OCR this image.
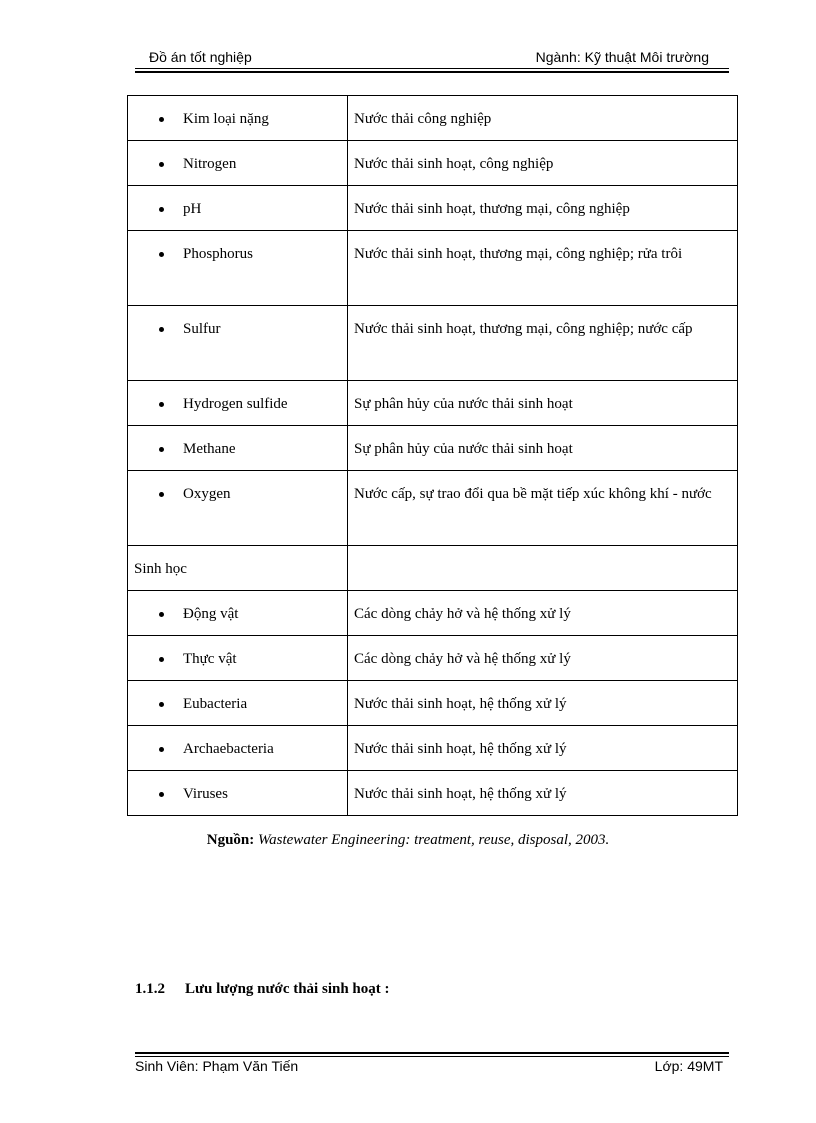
Đồ án tốt nghiệp	Ngành: Kỹ thuật Môi trường
Kim loại nặng	Nước thải công nghiệp

Nitrogen	Nước thải sinh hoạt, công nghiệp

pH	Nước thải sinh hoạt, thương mại, công nghiệp

Phosphorus	Nước thải sinh hoạt, thương mại, công nghiệp; rửa trôi

Sulfur	Nước thải sinh hoạt, thương mại, công nghiệp; nước cấp

Hydrogen sulfide	Sự phân hủy của nước thải sinh hoạt

Methane	Sự phân hủy của nước thải sinh hoạt

Oxygen	Nước cấp, sự trao đổi qua bề mặt tiếp xúc không khí - nước

Sinh học	

Động vật	Các dòng chảy hở và hệ thống xử lý

Thực vật	Các dòng chảy hở và hệ thống xử lý

Eubacteria	Nước thải sinh hoạt, hệ thống xử lý

Archaebacteria	Nước thải sinh hoạt, hệ thống xử lý

Viruses	Nước thải sinh hoạt, hệ thống xử lý
Nguồn: Wastewater Engineering: treatment, reuse, disposal, 2003.
1.1.2 Lưu lượng nước thải sinh hoạt :
Sinh Viên: Phạm Văn Tiến	Lớp: 49MT
